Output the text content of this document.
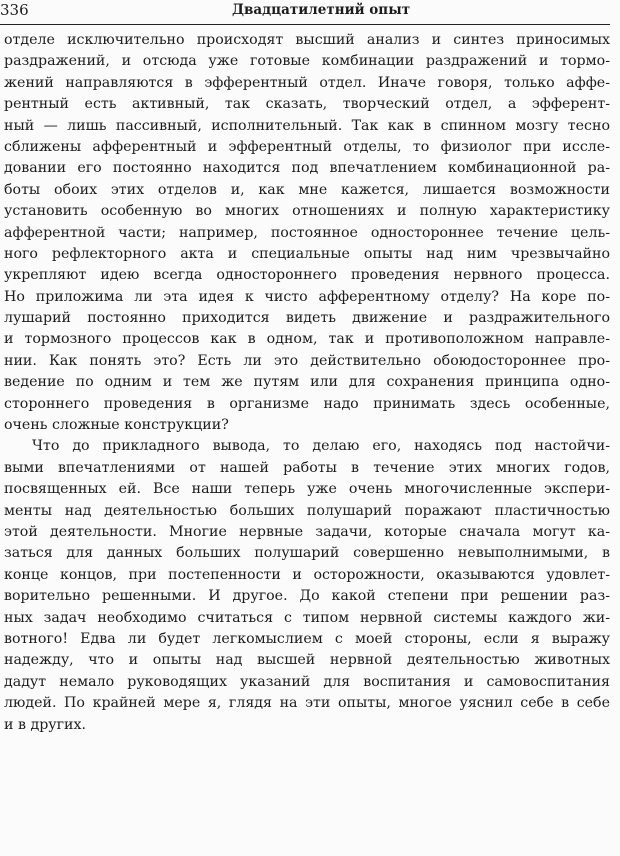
336	Двадцатилетний опыт
отделе исключительно происходят высший анализ и синтез приносимых
раздражений, и отсюда уже готовые комбинации раздражений и тормо-
жений направляются в эфферентный отдел. Иначе говоря, только аффе-
рентный есть активный, так сказать, творческий отдел, а эфферент-
ный — лишь пассивный, исполнительный. Так как в спинном мозгу тесно
сближены афферентный и эфферентный отделы, то физиолог при иссле-
довании его постоянно находится под впечатлением комбинационной ра-
боты обоих этих отделов и, как мне кажется, лишается возможности
установить особенную во многих отношениях и полную характеристику
афферентной части; например, постоянное одностороннее течение цель-
ного рефлекторного акта и специальные опыты над ним чрезвычайно
укрепляют идею всегда одностороннего проведения нервного процесса.
Но приложима ли эта идея к чисто афферентному отделу? На коре по-
лушарий постоянно приходится видеть движение и раздражительного
и тормозного процессов как в одном, так и противоположном направле-
нии. Как понять это? Есть ли это действительно обоюдостороннее про-
ведение по одним и тем же путям или для сохранения принципа одно-
стороннего проведения в организме надо принимать здесь особенные,
очень сложные конструкции?
Что до прикладного вывода, то делаю его, находясь под настойчи-
выми впечатлениями от нашей работы в течение этих многих годов,
посвященных ей. Все наши теперь уже очень многочисленные экспери-
менты над деятельностью больших полушарий поражают пластичностью
этой деятельности. Многие нервные задачи, которые сначала могут ка-
заться для данных больших полушарий совершенно невыполнимыми, в
конце концов, при постепенности и осторожности, оказываются удовлет-
ворительно решенными. И другое. До какой степени при решении раз-
ных задач необходимо считаться с типом нервной системы каждого жи-
вотного! Едва ли будет легкомыслием с моей стороны, если я выражу
надежду, что и опыты над высшей нервной деятельностью животных
дадут немало руководящих указаний для воспитания и самовоспитания
людей. По крайней мере я, глядя на эти опыты, многое уяснил себе в себе
и в других.
